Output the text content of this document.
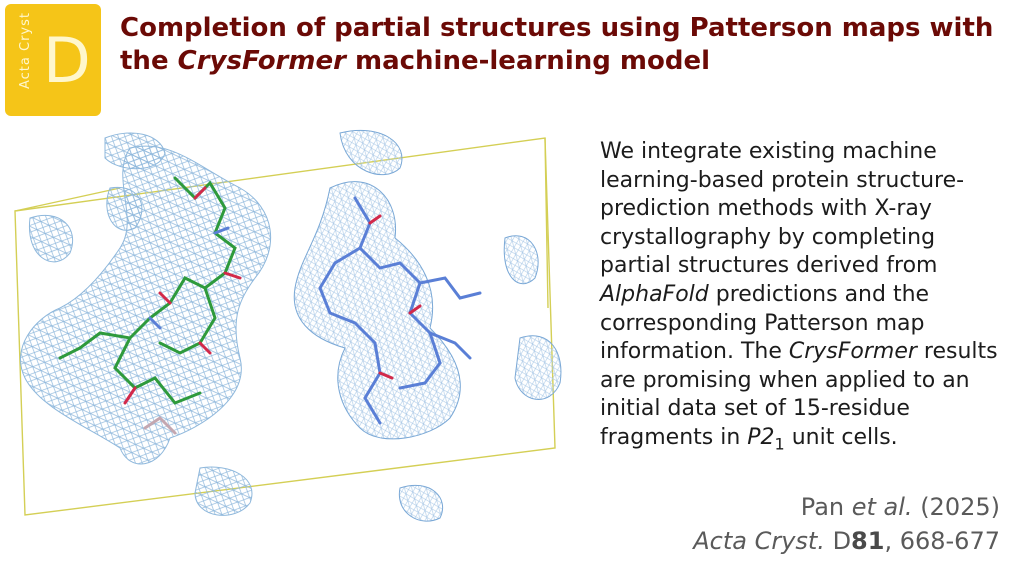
Acta Cryst D Completion of partial structures using Patterson maps with
the CrysFormer machine-learning model
We integrate existing machine learning-based protein structure-prediction methods with X-ray crystallography by completing partial structures derived from AlphaFold predictions and the corresponding Patterson map information. The CrysFormer results are promising when applied to an initial data set of 15-residue fragments in $P2_1$ unit cells.
Pan et al. (2025)
Acta Cryst. D81, 668-677
